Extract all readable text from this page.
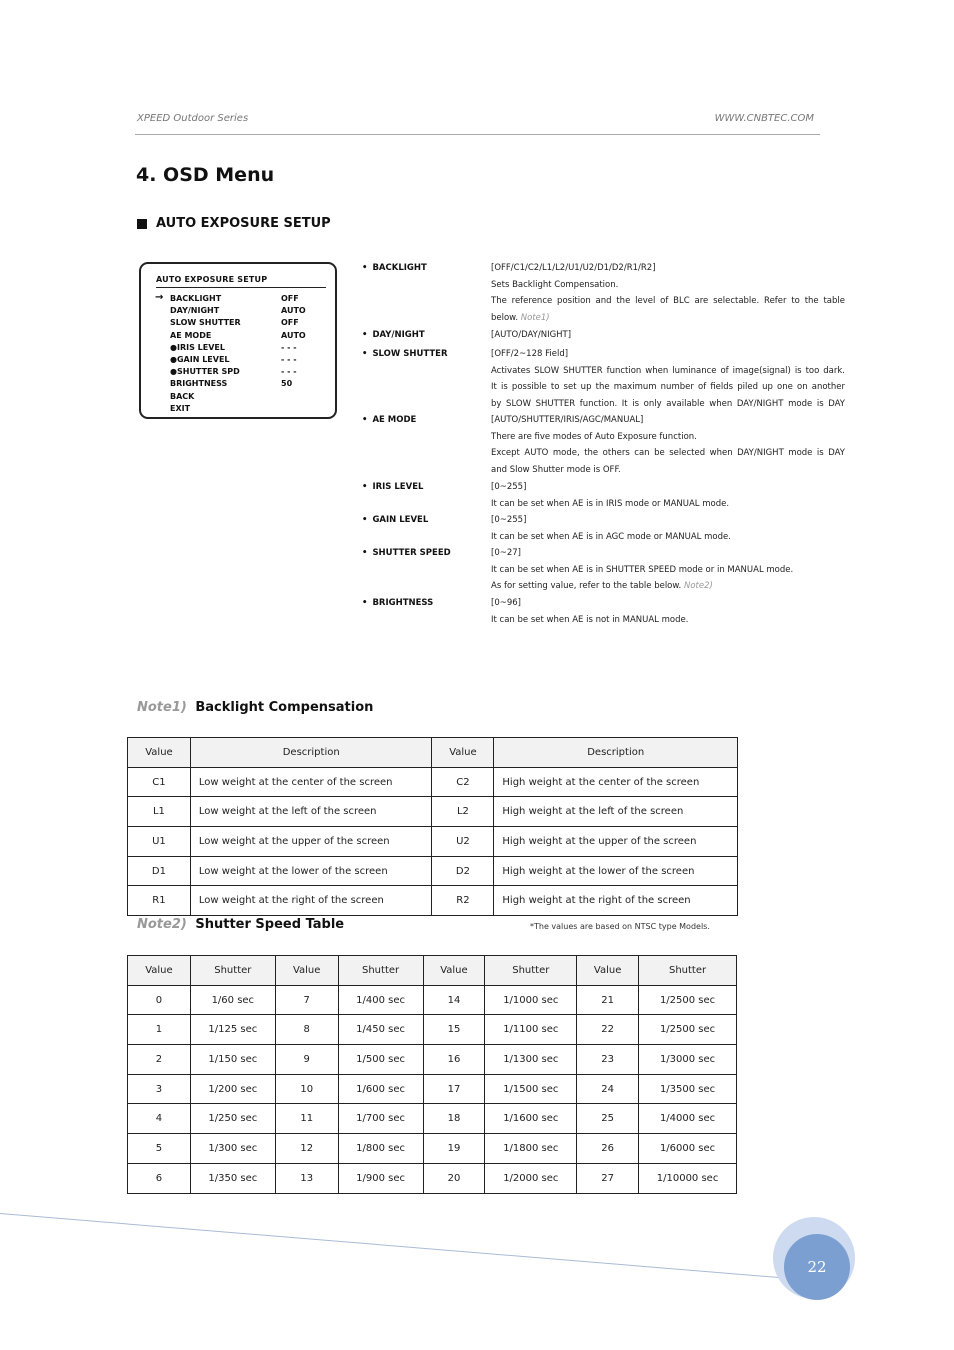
XPEED Outdoor Series	WWW.CNBTEC.COM
4. OSD Menu
AUTO EXPOSURE SETUP
AUTO EXPOSURE SETUP
→ BACKLIGHT	OFF
DAY/NIGHT	AUTO
SLOW SHUTTER	OFF
AE MODE	AUTO
●IRIS LEVEL	- - -
●GAIN LEVEL	- - -
●SHUTTER SPD	- - -
BRIGHTNESS	50
BACK
EXIT
• BACKLIGHT	[OFF/C1/C2/L1/L2/U1/U2/D1/D2/R1/R2]
Sets Backlight Compensation.
The reference position and the level of BLC are selectable. Refer to the table
below. Note1)
• DAY/NIGHT	[AUTO/DAY/NIGHT]
• SLOW SHUTTER	[OFF/2~128 Field]
Activates SLOW SHUTTER function when luminance of image(signal) is too dark.
It is possible to set up the maximum number of fields piled up one on another
by SLOW SHUTTER function. It is only available when DAY/NIGHT mode is DAY
• AE MODE	[AUTO/SHUTTER/IRIS/AGC/MANUAL]
There are five modes of Auto Exposure function.
Except AUTO mode, the others can be selected when DAY/NIGHT mode is DAY
and Slow Shutter mode is OFF.
• IRIS LEVEL	[0~255]
It can be set when AE is in IRIS mode or MANUAL mode.
• GAIN LEVEL	[0~255]
It can be set when AE is in AGC mode or MANUAL mode.
• SHUTTER SPEED	[0~27]
It can be set when AE is in SHUTTER SPEED mode or in MANUAL mode.
As for setting value, refer to the table below. Note2)
• BRIGHTNESS	[0~96]
It can be set when AE is not in MANUAL mode.
Note1) Backlight Compensation
Value	Description	Value	Description
C1	Low weight at the center of the screen	C2	High weight at the center of the screen
L1	Low weight at the left of the screen	L2	High weight at the left of the screen
U1	Low weight at the upper of the screen	U2	High weight at the upper of the screen
D1	Low weight at the lower of the screen	D2	High weight at the lower of the screen
R1	Low weight at the right of the screen	R2	High weight at the right of the screen
Note2) Shutter Speed Table	*The values are based on NTSC type Models.
Value	Shutter	Value	Shutter	Value	Shutter	Value	Shutter
0	1/60 sec	7	1/400 sec	14	1/1000 sec	21	1/2500 sec
1	1/125 sec	8	1/450 sec	15	1/1100 sec	22	1/2500 sec
2	1/150 sec	9	1/500 sec	16	1/1300 sec	23	1/3000 sec
3	1/200 sec	10	1/600 sec	17	1/1500 sec	24	1/3500 sec
4	1/250 sec	11	1/700 sec	18	1/1600 sec	25	1/4000 sec
5	1/300 sec	12	1/800 sec	19	1/1800 sec	26	1/6000 sec
6	1/350 sec	13	1/900 sec	20	1/2000 sec	27	1/10000 sec
22
